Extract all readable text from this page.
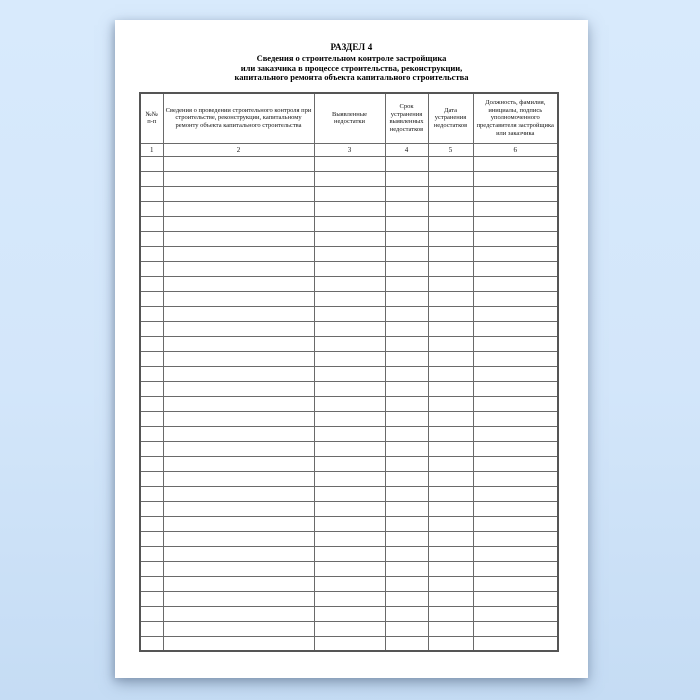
РАЗДЕЛ 4
Сведения о строительном контроле застройщика
или заказчика в процессе строительства, реконструкции,
капитального ремонта объекта капитального строительства
№№ п-п	Сведения о проведении строительного контроля при строительстве, реконструкции, капитальному ремонту объекта капитального строительства	Выявленные недостатки	Срок устранения выявленных недостатков	Дата устранения недостатков	Должность, фамилия, инициалы, подпись уполномоченного представителя застройщика или заказчика
1	2	3	4	5	6
